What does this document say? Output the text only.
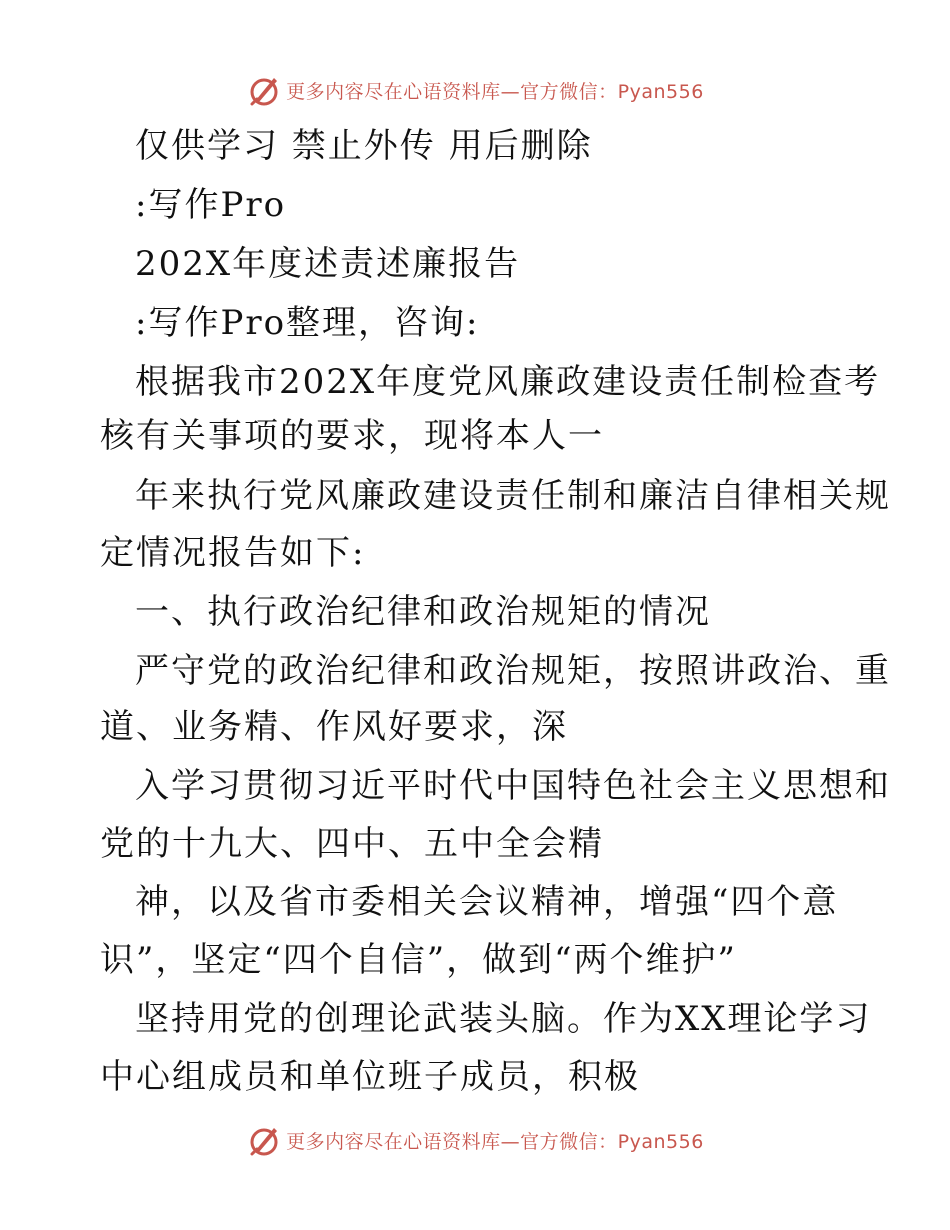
更多内容尽在心语资料库—官方微信：Pyan556
仅供学习 禁止外传 用后删除
:写作Pro
202X年度述责述廉报告
:写作Pro整理，咨询:
根据我市202X年度党风廉政建设责任制检查考
核有关事项的要求，现将本人一
年来执行党风廉政建设责任制和廉洁自律相关规
定情况报告如下:
一、执行政治纪律和政治规矩的情况
严守党的政治纪律和政治规矩，按照讲政治、重
道、业务精、作风好要求，深
入学习贯彻习近平时代中国特色社会主义思想和
党的十九大、四中、五中全会精
神，以及省市委相关会议精神，增强“四个意
识”，坚定“四个自信”，做到“两个维护”
坚持用党的创理论武装头脑。作为XX理论学习
中心组成员和单位班子成员，积极
更多内容尽在心语资料库—官方微信：Pyan556
